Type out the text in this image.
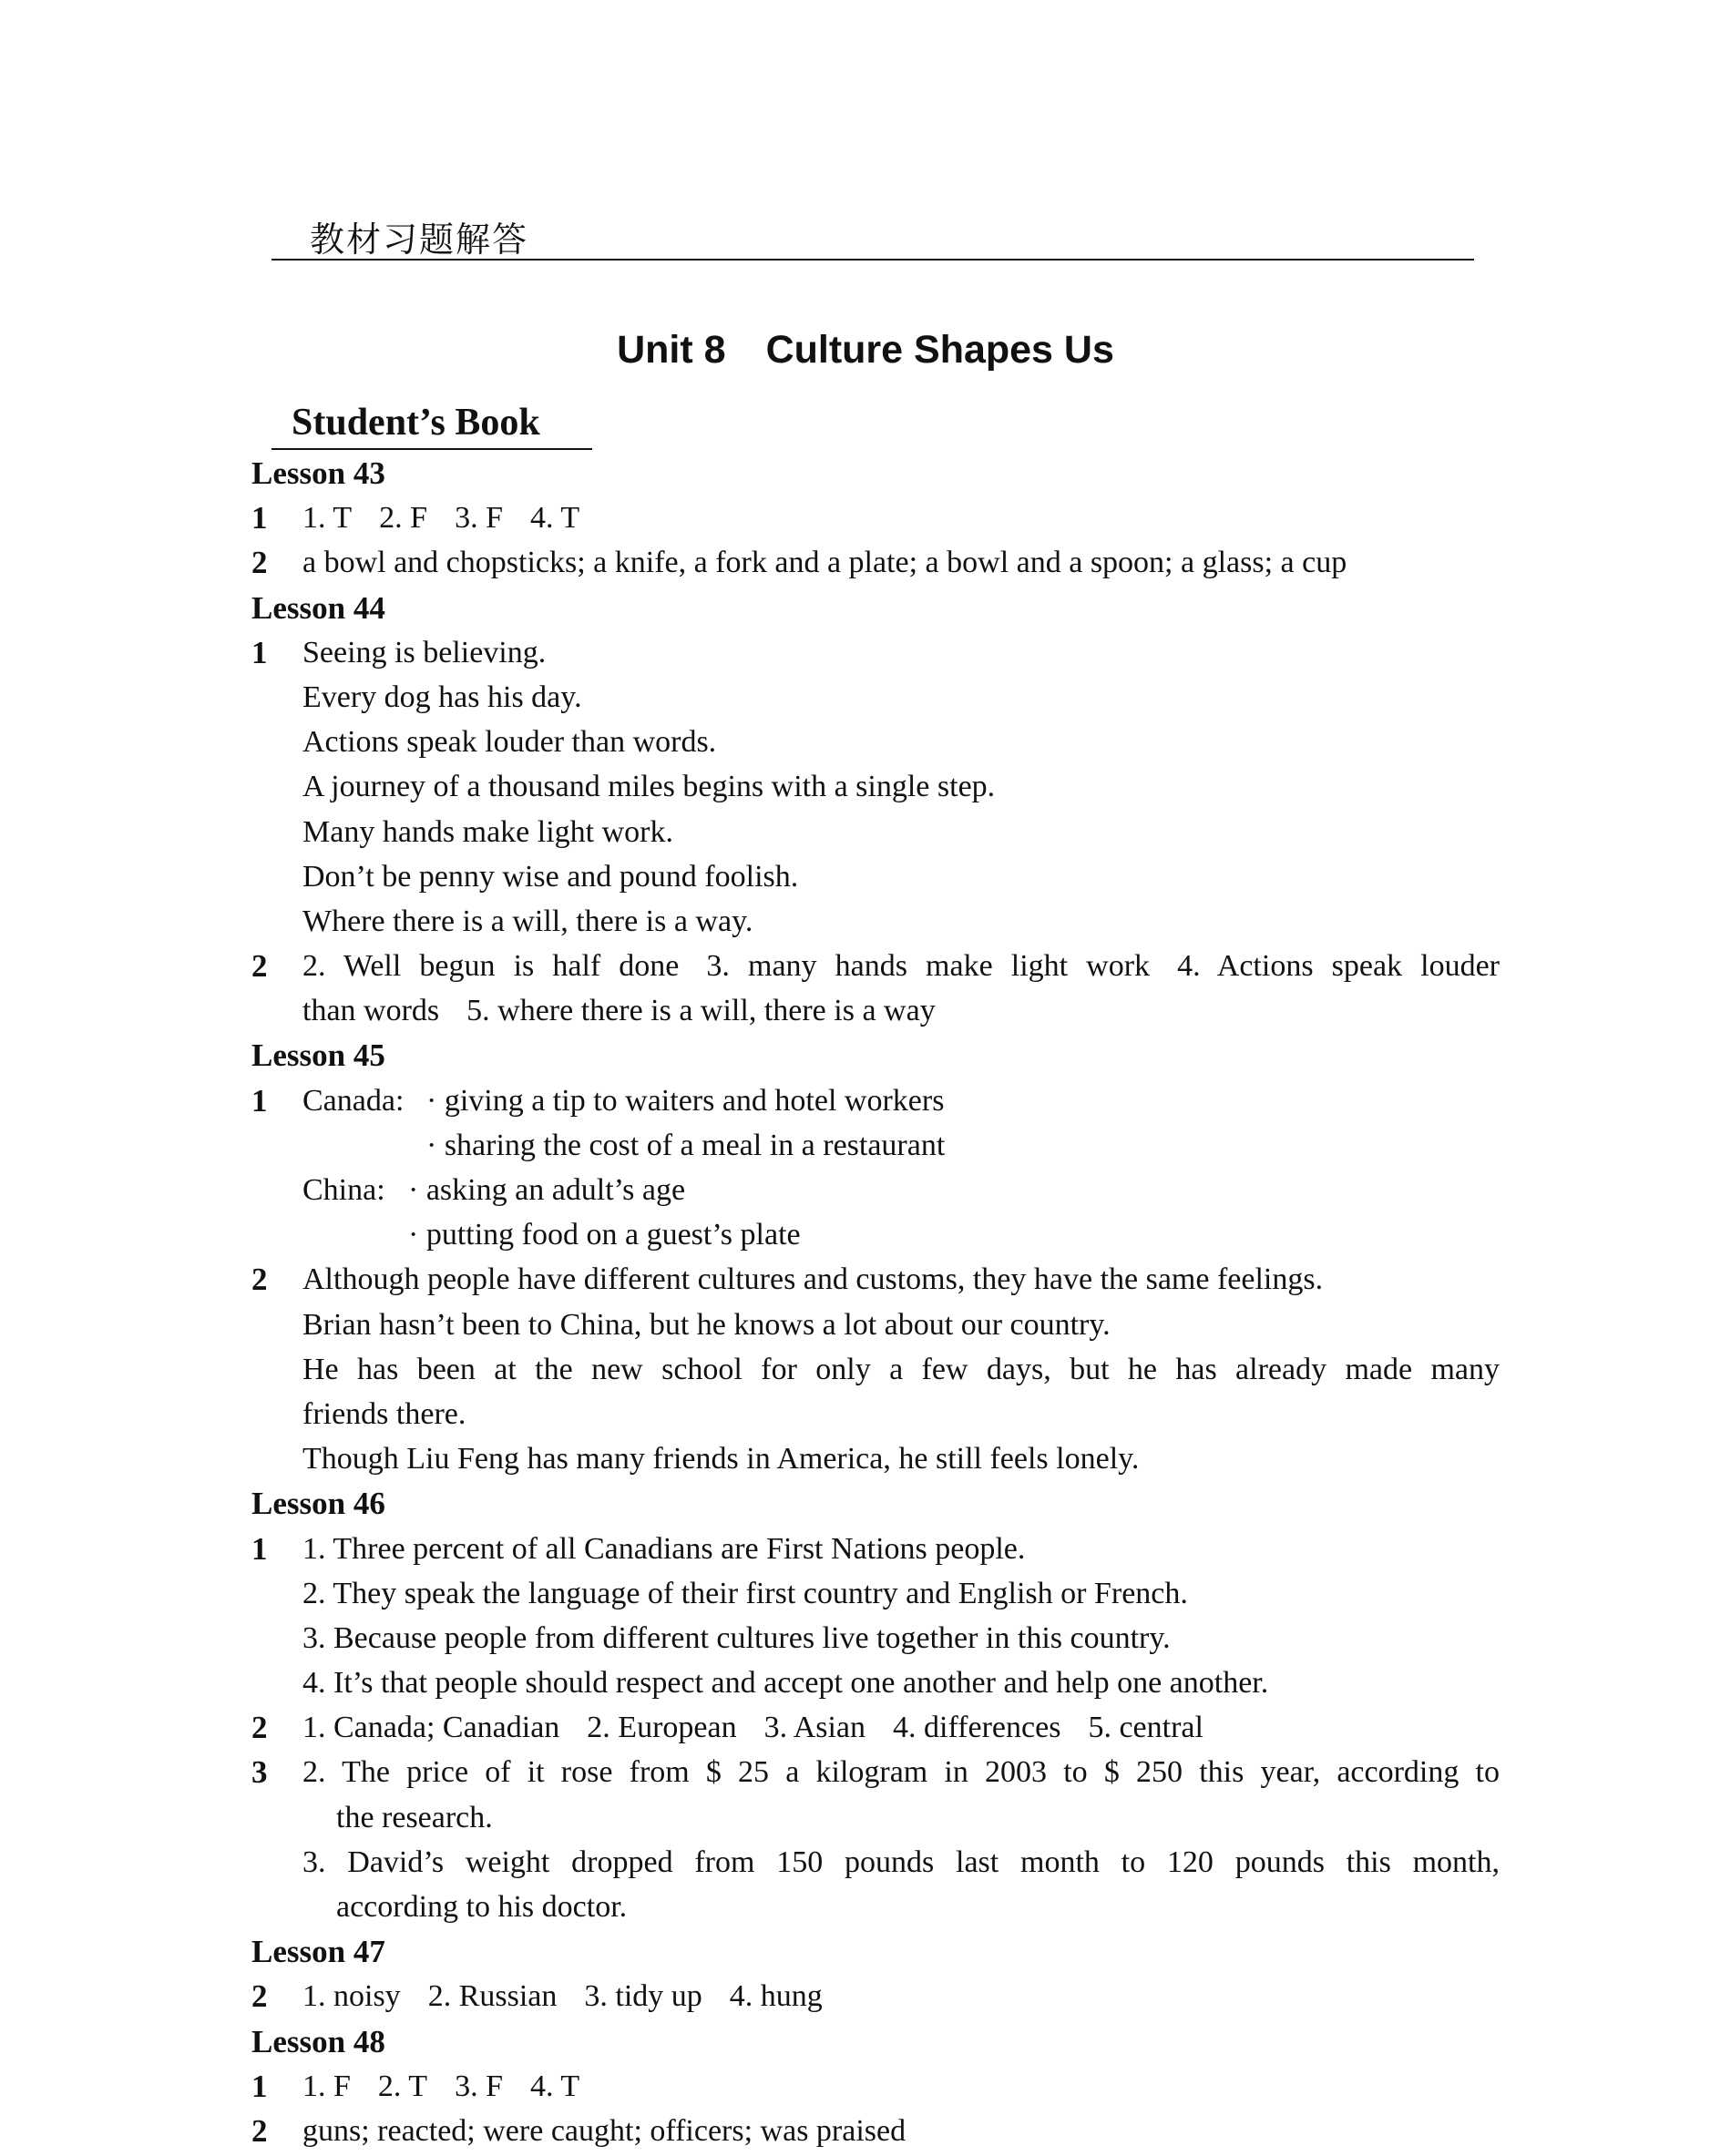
教材习题解答
Unit 8 Culture Shapes Us
Student’s Book
Lesson 43
1 1. T 2. F 3. F 4. T
2 a bowl and chopsticks; a knife, a fork and a plate; a bowl and a spoon; a glass; a cup
Lesson 44
1 Seeing is believing.
Every dog has his day.
Actions speak louder than words.
A journey of a thousand miles begins with a single step.
Many hands make light work.
Don’t be penny wise and pound foolish.
Where there is a will, there is a way.
2 2. Well begun is half done 3. many hands make light work 4. Actions speak louder
than words 5. where there is a will, there is a way
Lesson 45
1 Canada: · giving a tip to waiters and hotel workers
· sharing the cost of a meal in a restaurant
China: · asking an adult’s age
· putting food on a guest’s plate
2 Although people have different cultures and customs, they have the same feelings.
Brian hasn’t been to China, but he knows a lot about our country.
He has been at the new school for only a few days, but he has already made many
friends there.
Though Liu Feng has many friends in America, he still feels lonely.
Lesson 46
1 1. Three percent of all Canadians are First Nations people.
2. They speak the language of their first country and English or French.
3. Because people from different cultures live together in this country.
4. It’s that people should respect and accept one another and help one another.
2 1. Canada; Canadian 2. European 3. Asian 4. differences 5. central
3 2. The price of it rose from $ 25 a kilogram in 2003 to $ 250 this year, according to
the research.
3. David’s weight dropped from 150 pounds last month to 120 pounds this month,
according to his doctor.
Lesson 47
2 1. noisy 2. Russian 3. tidy up 4. hung
Lesson 48
1 1. F 2. T 3. F 4. T
2 guns; reacted; were caught; officers; was praised
